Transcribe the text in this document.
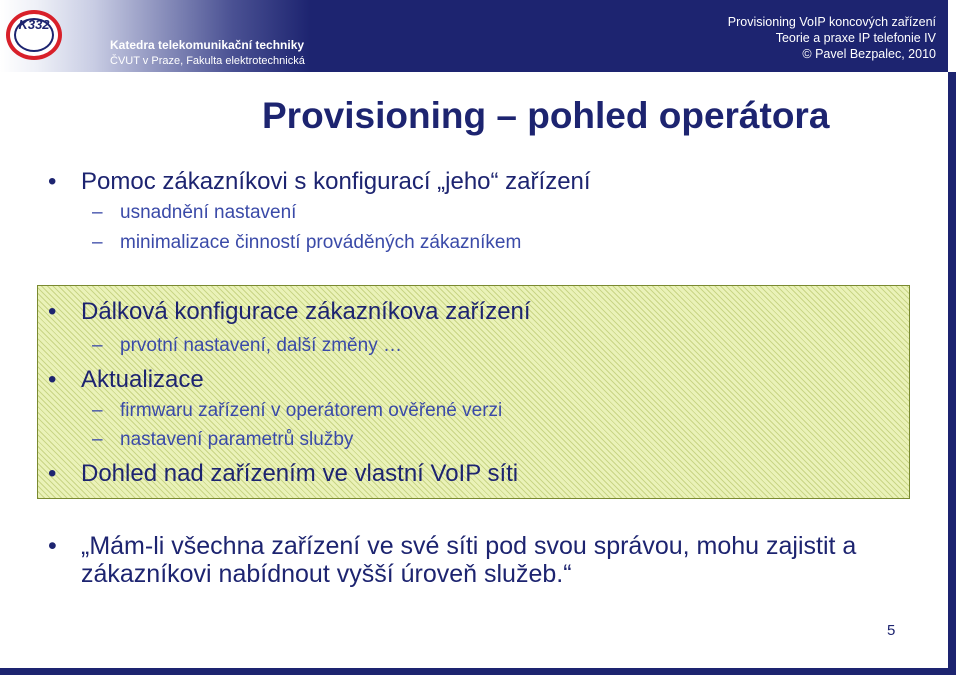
K332
Katedra telekomunikační techniky
ČVUT v Praze, Fakulta elektrotechnická
Provisioning VoIP koncových zařízení
Teorie a praxe IP telefonie IV
© Pavel Bezpalec, 2010
Provisioning – pohled operátora
•	Pomoc zákazníkovi s konfigurací „jeho“ zařízení
– usnadnění nastavení
– minimalizace činností prováděných zákazníkem
•	Dálková konfigurace zákazníkova zařízení
– prvotní nastavení, další změny …
•	Aktualizace
– firmwaru zařízení v operátorem ověřené verzi
– nastavení parametrů služby
•	Dohled nad zařízením ve vlastní VoIP síti
• „Mám-li všechna zařízení ve své síti pod svou správou, mohu zajistit a zákazníkovi nabídnout vyšší úroveň služeb.“
5
